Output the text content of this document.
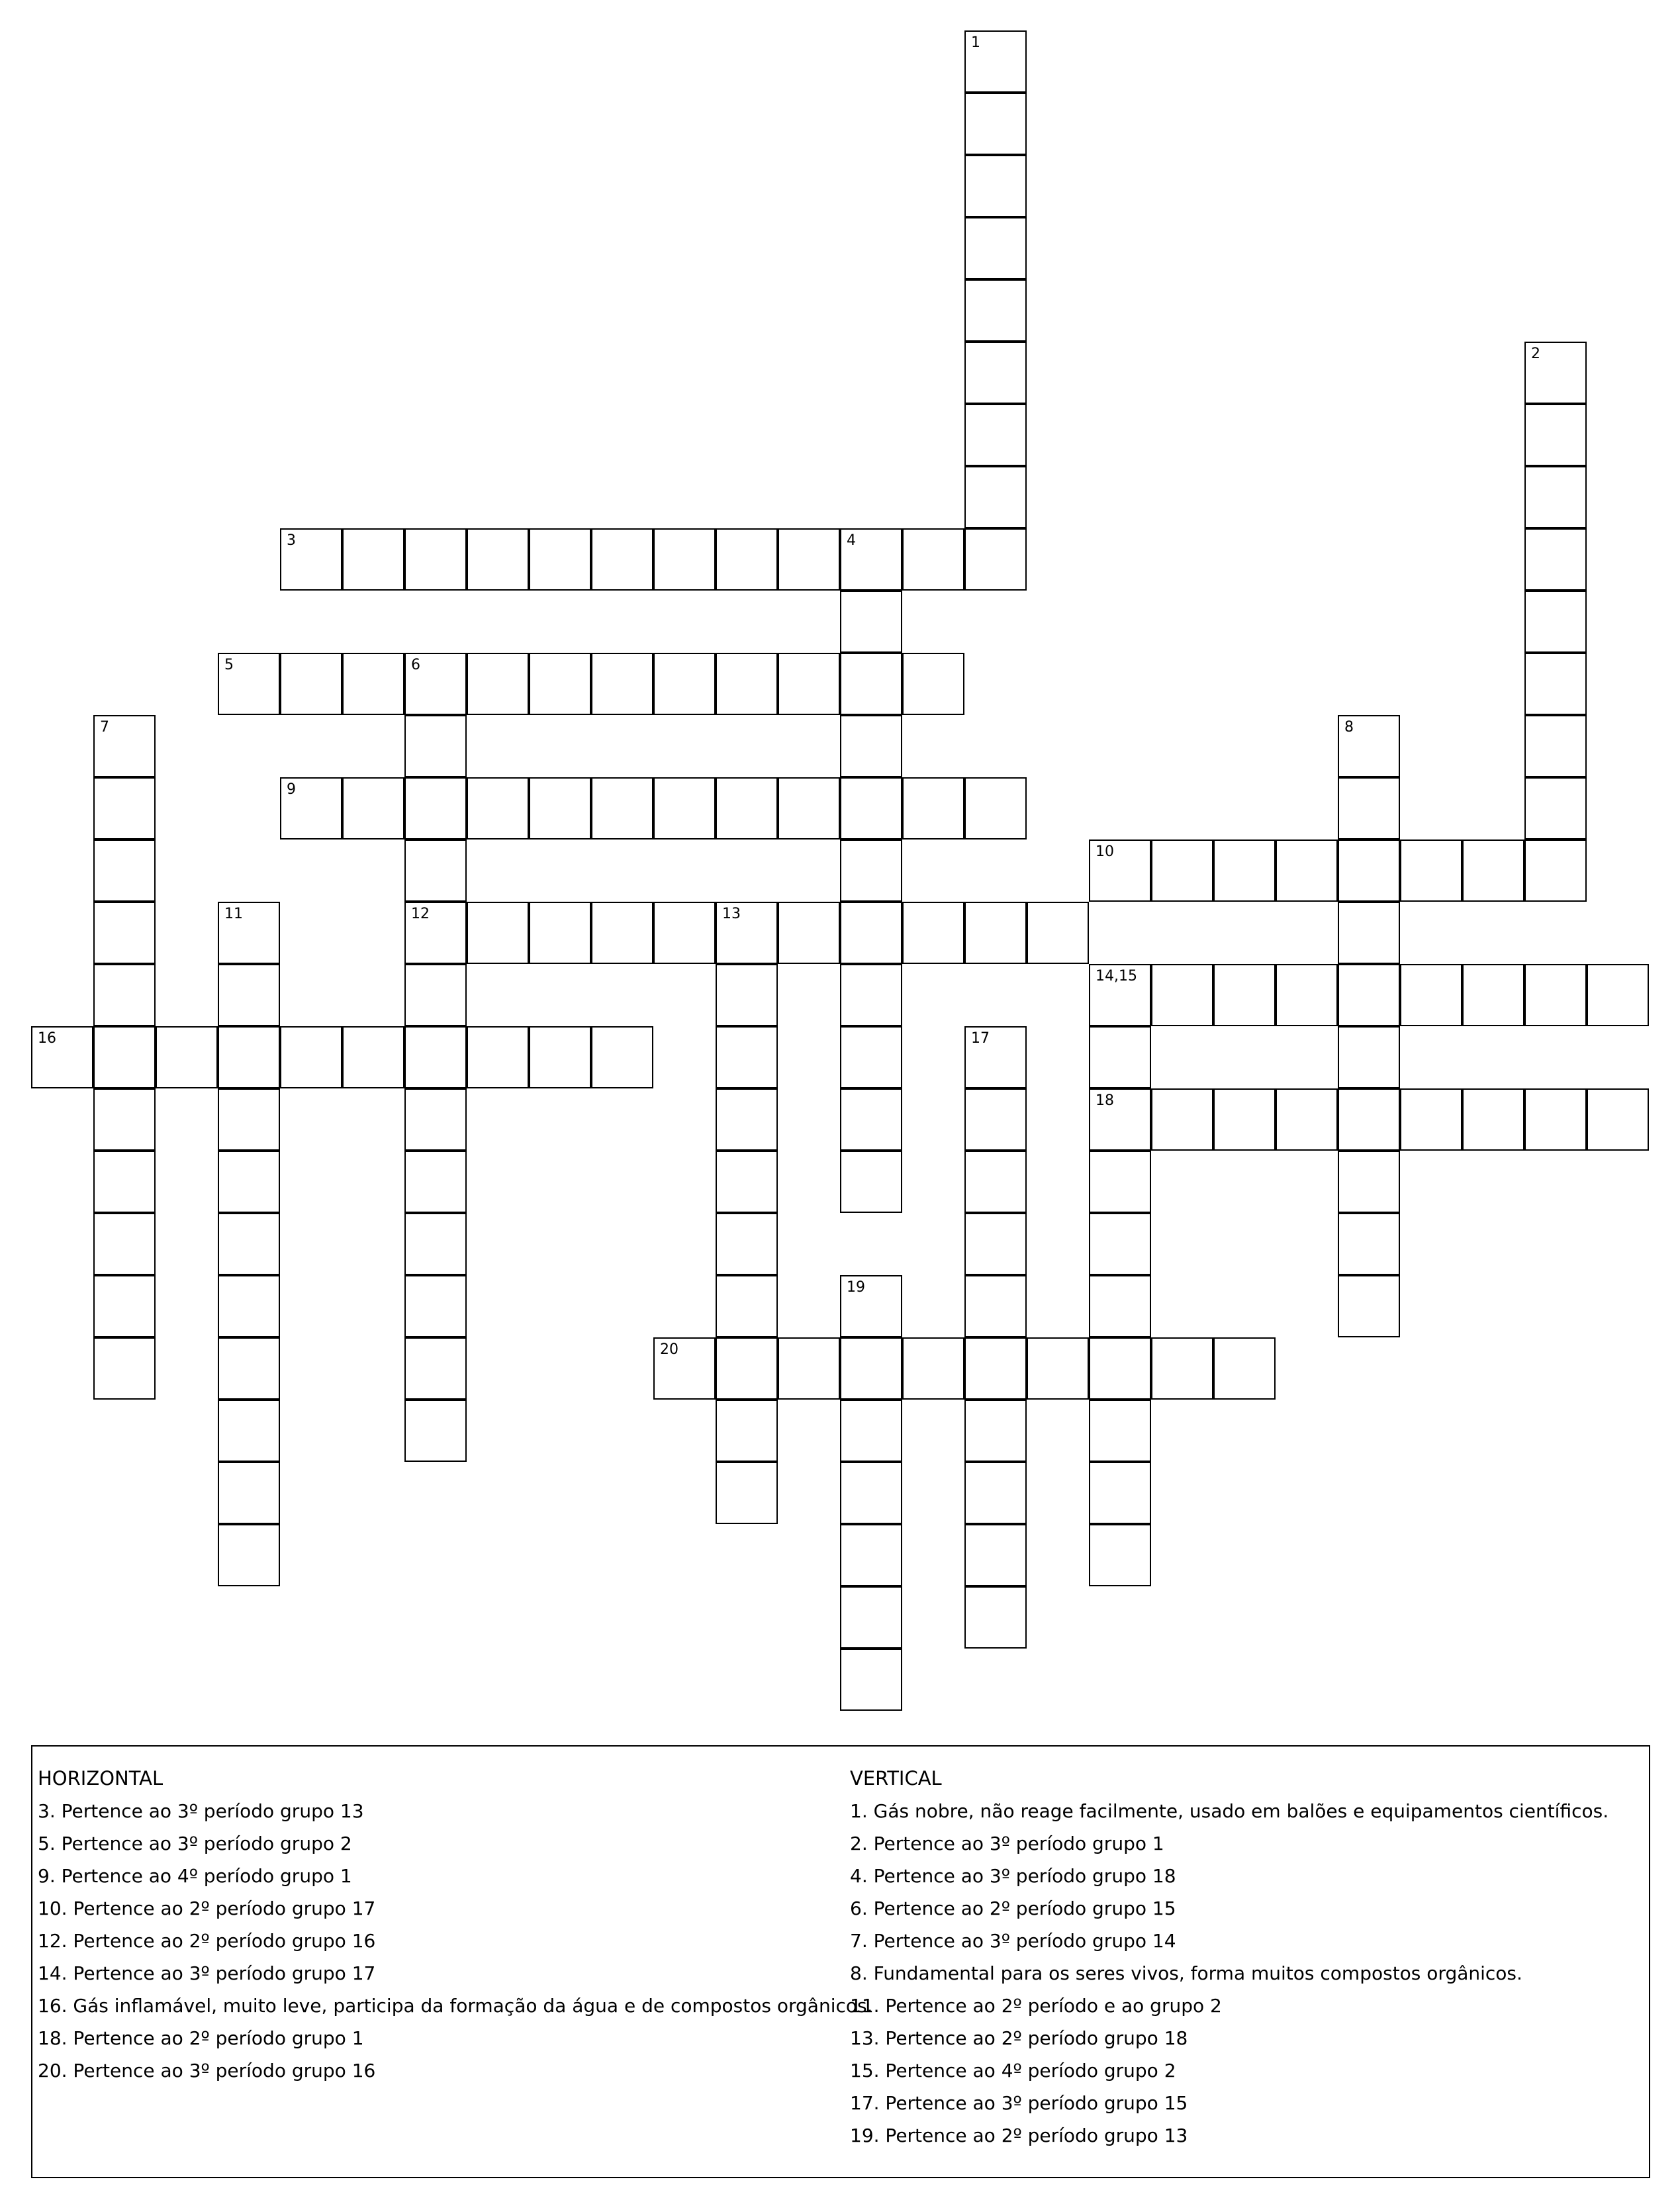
1
2
3	4
5	6
12
7	8
9
10
11	13
14,15
18
16	17
19
20
HORIZONTAL
3. Pertence ao 3º período grupo 13
5. Pertence ao 3º período grupo 2
9. Pertence ao 4º período grupo 1
10. Pertence ao 2º período grupo 17
12. Pertence ao 2º período grupo 16
14. Pertence ao 3º período grupo 17
16. Gás inflamável, muito leve, participa da formação da água e de compostos orgânicos.
18. Pertence ao 2º período grupo 1
20. Pertence ao 3º período grupo 16
VERTICAL
1. Gás nobre, não reage facilmente, usado em balões e equipamentos científicos.
2. Pertence ao 3º período grupo 1
4. Pertence ao 3º período grupo 18
6. Pertence ao 2º período grupo 15
7. Pertence ao 3º período grupo 14
8. Fundamental para os seres vivos, forma muitos compostos orgânicos.
11. Pertence ao 2º período e ao grupo 2
13. Pertence ao 2º período grupo 18
15. Pertence ao 4º período grupo 2
17. Pertence ao 3º período grupo 15
19. Pertence ao 2º período grupo 13
